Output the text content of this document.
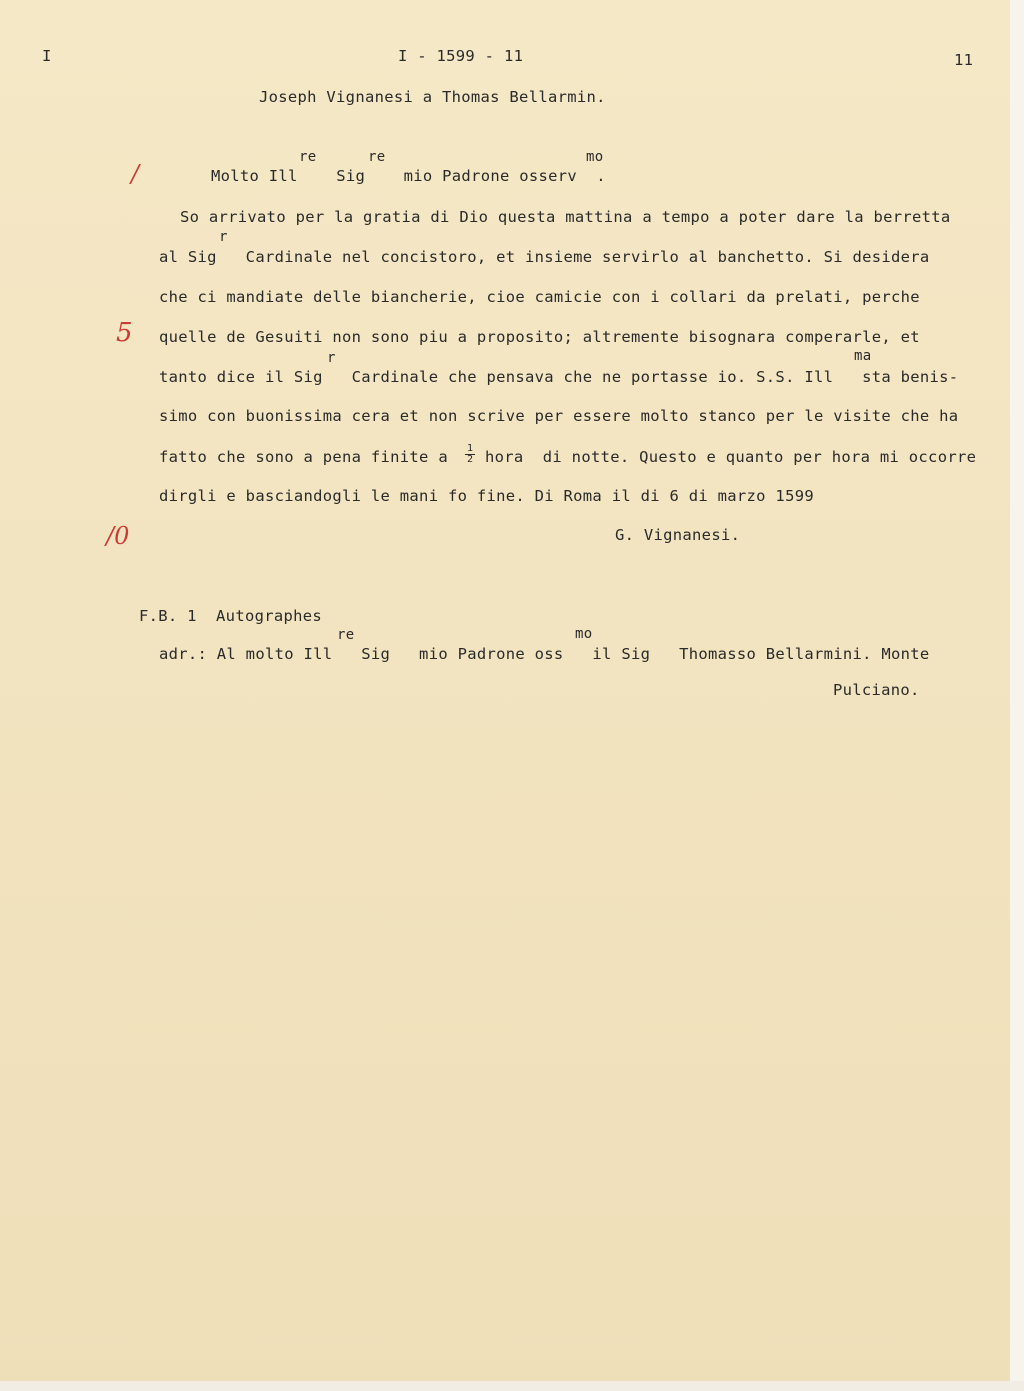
I	I - 1599 - 11	11
Joseph Vignanesi a Thomas Bellarmin.
re	re	mo
Molto Ill    Sig    mio Padrone osserv  .
So arrivato per la gratia di Dio questa mattina a tempo a poter dare la berretta
r
al Sig   Cardinale nel concistoro, et insieme servirlo al banchetto. Si desidera
che ci mandiate delle biancherie, cioe camicie con i collari da prelati, perche
quelle de Gesuiti non sono piu a proposito; altremente bisognara comperarle, et
r	ma
tanto dice il Sig   Cardinale che pensava che ne portasse io. S.S. Ill   sta benis-
simo con buonissima cera et non scrive per essere molto stanco per le visite che ha
fatto che sono a pena finite a 1
2 hora  di notte. Questo e quanto per hora mi occorre
dirgli e basciandogli le mani fo fine. Di Roma il di 6 di marzo 1599
G. Vignanesi.
F.B. 1  Autographes
re	mo
adr.: Al molto Ill   Sig   mio Padrone oss   il Sig   Thomasso Bellarmini. Monte
Pulciano.
/
5
/0
